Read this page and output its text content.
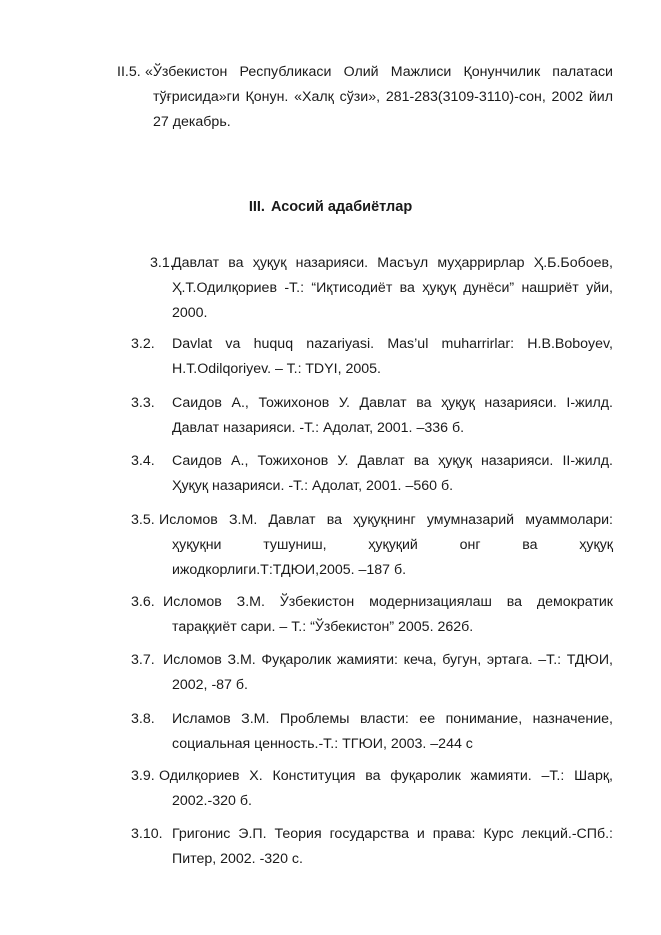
II.5. «Ўзбекистон Республикаси Олий Мажлиси Қонунчилик палатаси
тўғрисида»ги Қонун. «Халқ сўзи», 281-283(3109-3110)-сон, 2002 йил
27 декабрь.
III. Асосий адабиётлар
3.1.
Давлат ва ҳуқуқ назарияси. Масъул муҳаррирлар Ҳ.Б.Бобоев,
Ҳ.Т.Одилқориев -Т.: “Иқтисодиёт ва ҳуқуқ дунёси” нашриёт уйи,
2000.
3.2. Davlat va huquq nazariyasi. Mas’ul muharrirlar: H.B.Boboyev,
H.T.Odilqoriyev. – T.: TDYI, 2005.
3.3. Саидов А., Тожихонов У. Давлат ва ҳуқуқ назарияси. I-жилд.
Давлат назарияси. -Т.: Адолат, 2001. –336 б.
3.4. Саидов А., Тожихонов У. Давлат ва ҳуқуқ назарияси. II-жилд.
Ҳуқуқ назарияси. -Т.: Адолат, 2001. –560 б.
3.5. Исломов З.М. Давлат ва ҳуқуқнинг умумназарий муаммолари:
ҳуқуқни тушуниш, ҳуқуқий онг ва ҳуқуқ
ижодкорлиги.Т:ТДЮИ,2005. –187 б.
3.6. Исломов З.М. Ўзбекистон модернизациялаш ва демократик
тараққиёт сари. – Т.: “Ўзбекистон” 2005. 262б.
3.7. Исломов З.М. Фуқаролик жамияти: кеча, бугун, эртага. –Т.: ТДЮИ,
2002, -87 б.
3.8. Исламов З.М. Проблемы власти: ее понимание, назначение,
социальная ценность.-Т.: ТГЮИ, 2003. –244 с
3.9. Одилқориев Х. Конституция ва фуқаролик жамияти. –Т.: Шарқ,
2002.-320 б.
3.10. Григонис Э.П. Теория государства и права: Курс лекций.-СПб.:
Питер, 2002. -320 с.
